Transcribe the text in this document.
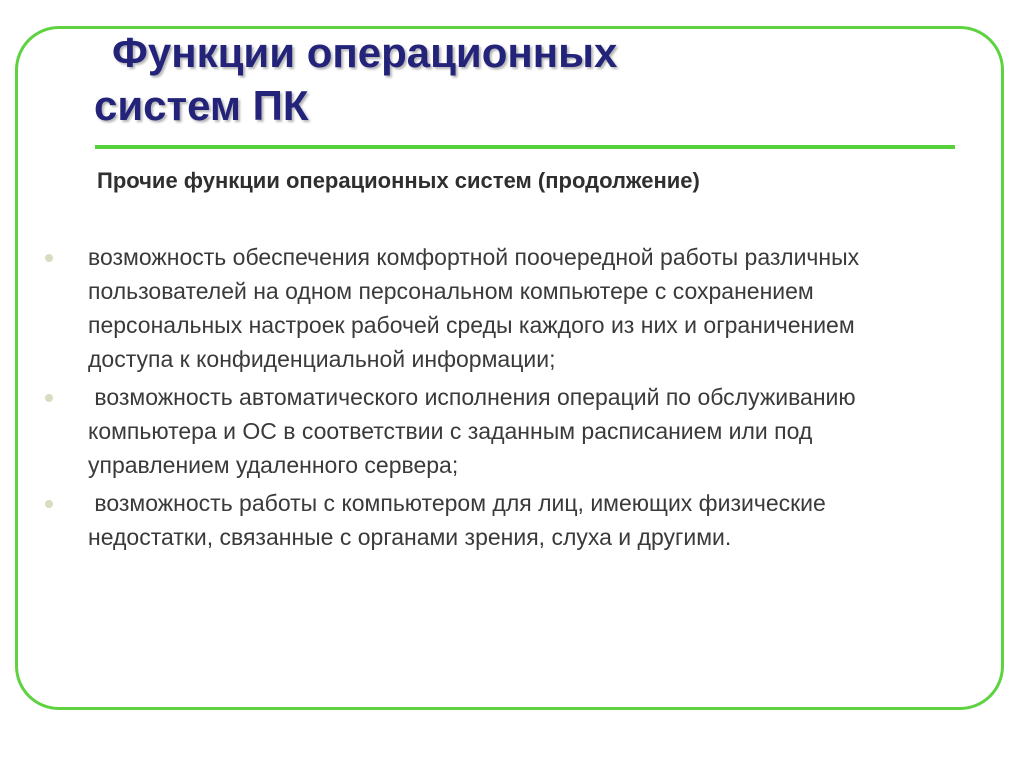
Функции операционных
систем ПК

Прочие функции операционных систем (продолжение)

возможность обеспечения комфортной поочередной работы различных пользователей на одном персональном компьютере с сохранением персональных настроек рабочей среды каждого из них и ограничением доступа к конфиденциальной информации;
возможность автоматического исполнения операций по обслуживанию компьютера и ОС в соответствии с заданным расписанием или под управлением удаленного сервера;
возможность работы с компьютером для лиц, имеющих физические недостатки, связанные с органами зрения, слуха и другими.
